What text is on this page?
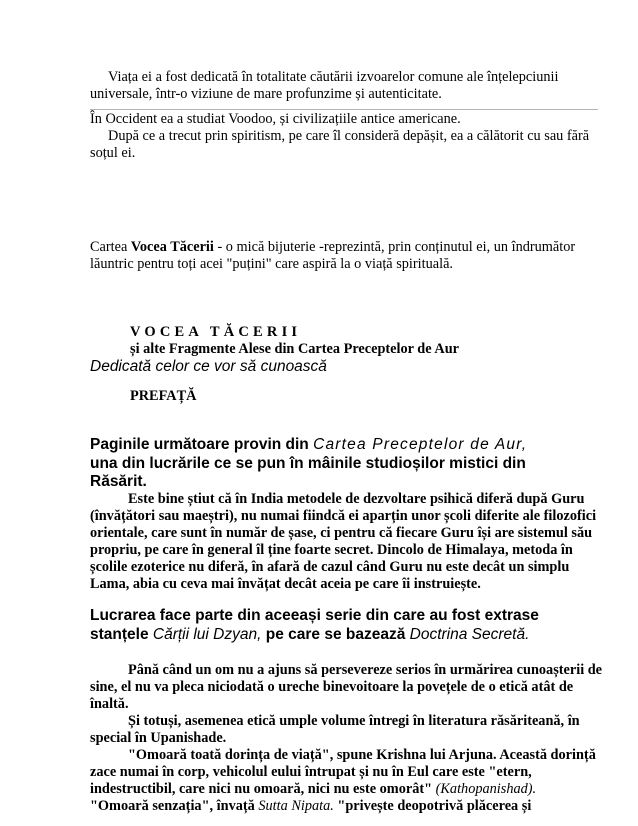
Viața ei a fost dedicată în totalitate căutării izvoarelor comune ale înțelepciunii universale, într-o viziune de mare profunzime și autenticitate.

În Occident ea a studiat Voodoo, și civilizațiile antice americane.

După ce a trecut prin spiritism, pe care îl consideră depășit, ea a călătorit cu sau fără soțul ei.

Cartea Vocea Tăcerii - o mică bijuterie -reprezintă, prin conținutul ei, un îndrumător lăuntric pentru toți acei "puțini" care aspiră la o viață spirituală.

VOCEA TĂCERII

și alte Fragmente Alese din Cartea Preceptelor de Aur

Dedicată celor ce vor să cunoască

PREFAȚĂ

Paginile următoare provin din Cartea Preceptelor de Aur, una din lucrările ce se pun în mâinile studioșilor mistici din Răsărit.

Este bine știut că în India metodele de dezvoltare psihică diferă după Guru (învățători sau maeștri), nu numai fiindcă ei aparțin unor școli diferite ale filozofici orientale, care sunt în număr de șase, ci pentru că fiecare Guru își are sistemul său propriu, pe care în general îl ține foarte secret. Dincolo de Himalaya, metoda în școlile ezoterice nu diferă, în afară de cazul când Guru nu este decât un simplu Lama, abia cu ceva mai învățat decât aceia pe care îi instruiește.

Lucrarea face parte din aceeași serie din care au fost extrase stanțele Cărții lui Dzyan, pe care se bazează Doctrina Secretă.

Până când un om nu a ajuns să persevereze serios în urmărirea cunoașterii de sine, el nu va pleca niciodată o ureche binevoitoare la povețele de o etică atât de înaltă.

Și totuși, asemenea etică umple volume întregi în literatura răsăriteană, în special în Upanishade.

"Omoară toată dorința de viață", spune Krishna lui Arjuna. Această dorință zace numai în corp, vehicolul eului întrupat și nu în Eul care este "etern, indestructibil, care nici nu omoară, nici nu este omorât" (Kathopanishad).

"Omoară senzația", învață Sutta Nipata. "privește deopotrivă plăcerea și
